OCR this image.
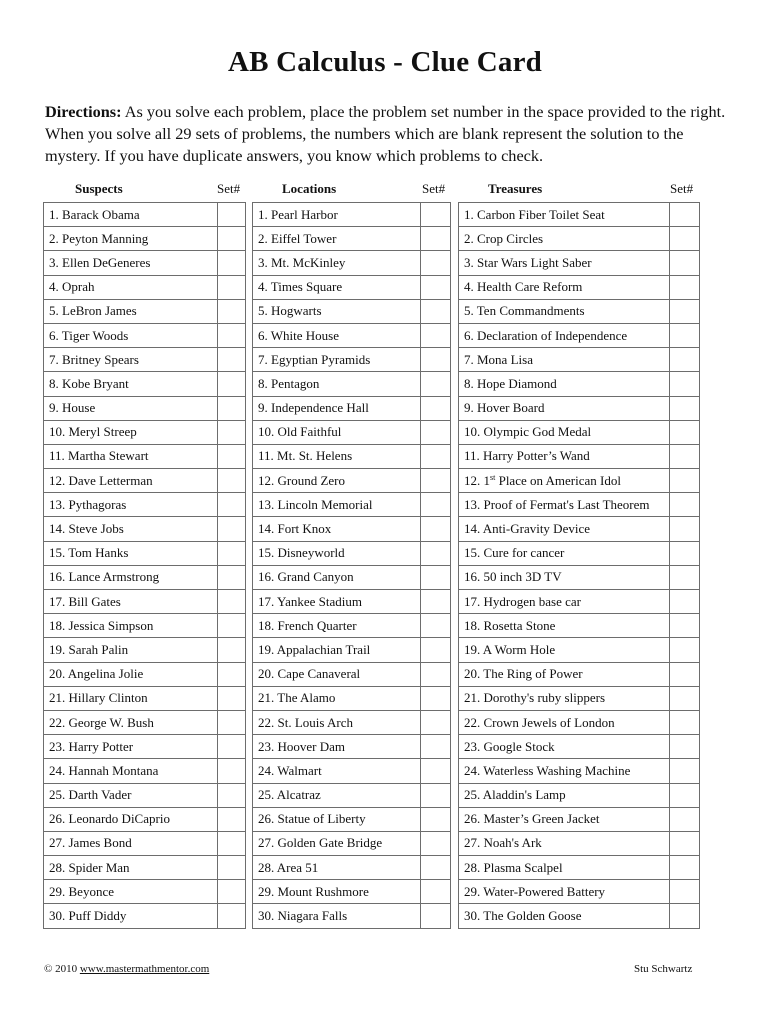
AB Calculus - Clue Card
Directions: As you solve each problem, place the problem set number in the space provided to the right. When you solve all 29 sets of problems, the numbers which are blank represent the solution to the mystery. If you have duplicate answers, you know which problems to check.
Suspects	Set#
1. Barack Obama	
2. Peyton Manning	
3. Ellen DeGeneres	
4. Oprah	
5. LeBron James	
6. Tiger Woods	
7. Britney Spears	
8. Kobe Bryant	
9. House	
10. Meryl Streep	
11. Martha Stewart	
12. Dave Letterman	
13. Pythagoras	
14. Steve Jobs	
15. Tom Hanks	
16. Lance Armstrong	
17. Bill Gates	
18. Jessica Simpson	
19. Sarah Palin	
20. Angelina Jolie	
21. Hillary Clinton	
22. George W. Bush	
23. Harry Potter	
24. Hannah Montana	
25. Darth Vader	
26. Leonardo DiCaprio	
27. James Bond	
28. Spider Man	
29. Beyonce	
30. Puff Diddy	
Locations	Set#
1. Pearl Harbor	
2. Eiffel Tower	
3. Mt. McKinley	
4. Times Square	
5. Hogwarts	
6. White House	
7. Egyptian Pyramids	
8. Pentagon	
9. Independence Hall	
10. Old Faithful	
11. Mt. St. Helens	
12. Ground Zero	
13. Lincoln Memorial	
14. Fort Knox	
15. Disneyworld	
16. Grand Canyon	
17. Yankee Stadium	
18. French Quarter	
19. Appalachian Trail	
20. Cape Canaveral	
21. The Alamo	
22. St. Louis Arch	
23. Hoover Dam	
24. Walmart	
25. Alcatraz	
26. Statue of Liberty	
27. Golden Gate Bridge	
28. Area 51	
29. Mount Rushmore	
30. Niagara Falls	
Treasures	Set#
1. Carbon Fiber Toilet Seat	
2. Crop Circles	
3. Star Wars Light Saber	
4. Health Care Reform	
5. Ten Commandments	
6. Declaration of Independence	
7. Mona Lisa	
8. Hope Diamond	
9. Hover Board	
10. Olympic God Medal	
11. Harry Potter’s Wand	
12. 1st Place on American Idol	
13. Proof of Fermat's Last Theorem	
14. Anti-Gravity Device	
15. Cure for cancer	
16. 50 inch 3D TV	
17. Hydrogen base car	
18. Rosetta Stone	
19. A Worm Hole	
20. The Ring of Power	
21. Dorothy's ruby slippers	
22. Crown Jewels of London	
23. Google Stock	
24. Waterless Washing Machine	
25. Aladdin's Lamp	
26. Master’s Green Jacket	
27. Noah's Ark	
28. Plasma Scalpel	
29. Water-Powered Battery	
30. The Golden Goose	
© 2010 www.mastermathmentor.com	Stu Schwartz
